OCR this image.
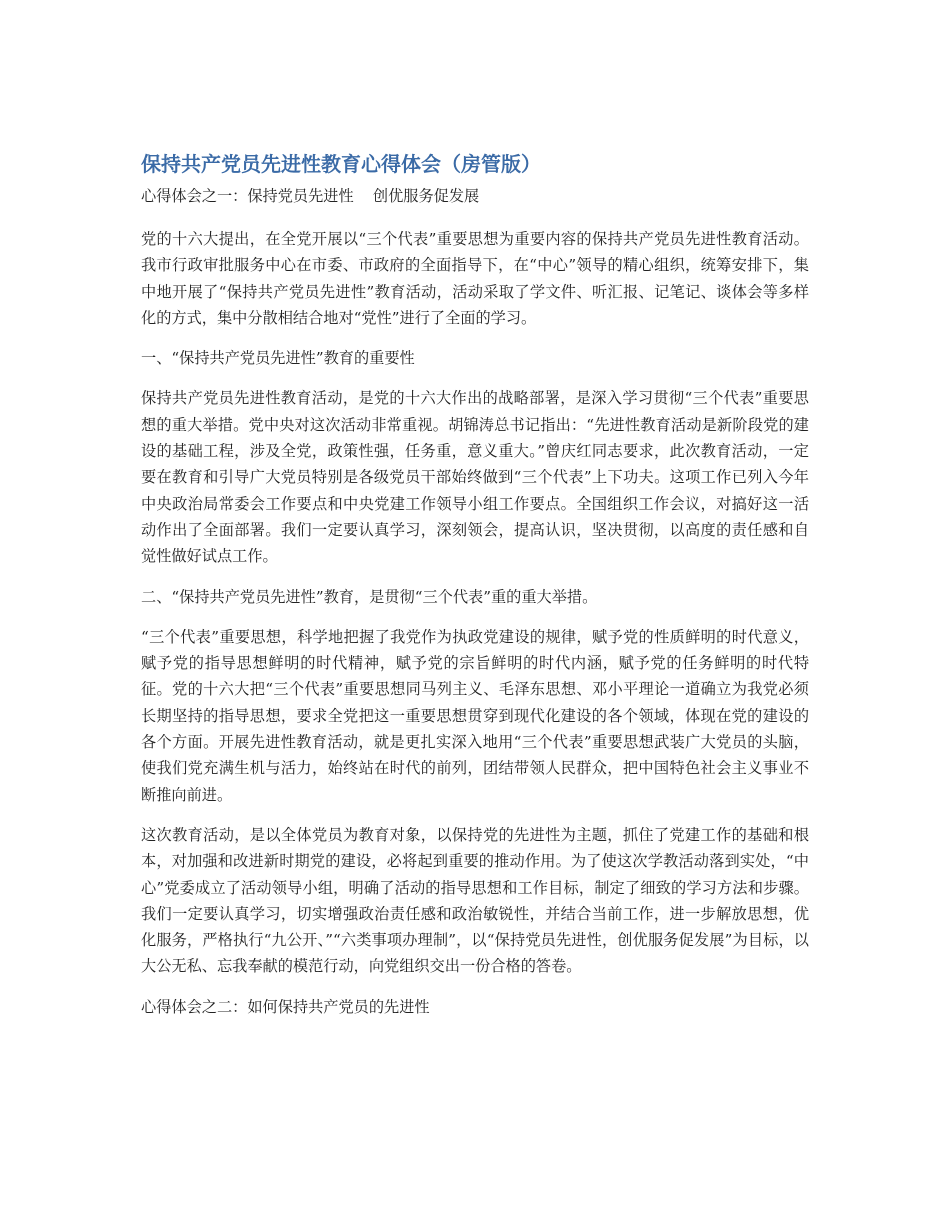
保持共产党员先进性教育心得体会（房管版）
心得体会之一：保持党员先进性    创优服务促发展

党的十六大提出，在全党开展以“三个代表”重要思想为重要内容的保持共产党员先进性教育活动。我市行政审批服务中心在市委、市政府的全面指导下，在“中心”领导的精心组织，统筹安排下，集中地开展了“保持共产党员先进性”教育活动，活动采取了学文件、听汇报、记笔记、谈体会等多样化的方式，集中分散相结合地对“党性”进行了全面的学习。

一、“保持共产党员先进性”教育的重要性

保持共产党员先进性教育活动，是党的十六大作出的战略部署，是深入学习贯彻“三个代表”重要思想的重大举措。党中央对这次活动非常重视。胡锦涛总书记指出：“先进性教育活动是新阶段党的建设的基础工程，涉及全党，政策性强，任务重，意义重大。”曾庆红同志要求，此次教育活动，一定要在教育和引导广大党员特别是各级党员干部始终做到“三个代表”上下功夫。这项工作已列入今年中央政治局常委会工作要点和中央党建工作领导小组工作要点。全国组织工作会议，对搞好这一活动作出了全面部署。我们一定要认真学习，深刻领会，提高认识，坚决贯彻，以高度的责任感和自觉性做好试点工作。

二、“保持共产党员先进性”教育，是贯彻“三个代表”重的重大举措。

“三个代表”重要思想，科学地把握了我党作为执政党建设的规律，赋予党的性质鲜明的时代意义，赋予党的指导思想鲜明的时代精神，赋予党的宗旨鲜明的时代内涵，赋予党的任务鲜明的时代特征。党的十六大把“三个代表”重要思想同马列主义、毛泽东思想、邓小平理论一道确立为我党必须长期坚持的指导思想，要求全党把这一重要思想贯穿到现代化建设的各个领域，体现在党的建设的各个方面。开展先进性教育活动，就是更扎实深入地用“三个代表”重要思想武装广大党员的头脑，使我们党充满生机与活力，始终站在时代的前列，团结带领人民群众，把中国特色社会主义事业不断推向前进。

这次教育活动，是以全体党员为教育对象，以保持党的先进性为主题，抓住了党建工作的基础和根本，对加强和改进新时期党的建设，必将起到重要的推动作用。为了使这次学教活动落到实处，“中心”党委成立了活动领导小组，明确了活动的指导思想和工作目标，制定了细致的学习方法和步骤。我们一定要认真学习，切实增强政治责任感和政治敏锐性，并结合当前工作，进一步解放思想，优化服务，严格执行“九公开、”“六类事项办理制”，以“保持党员先进性，创优服务促发展”为目标，以大公无私、忘我奉献的模范行动，向党组织交出一份合格的答卷。

心得体会之二：如何保持共产党员的先进性
